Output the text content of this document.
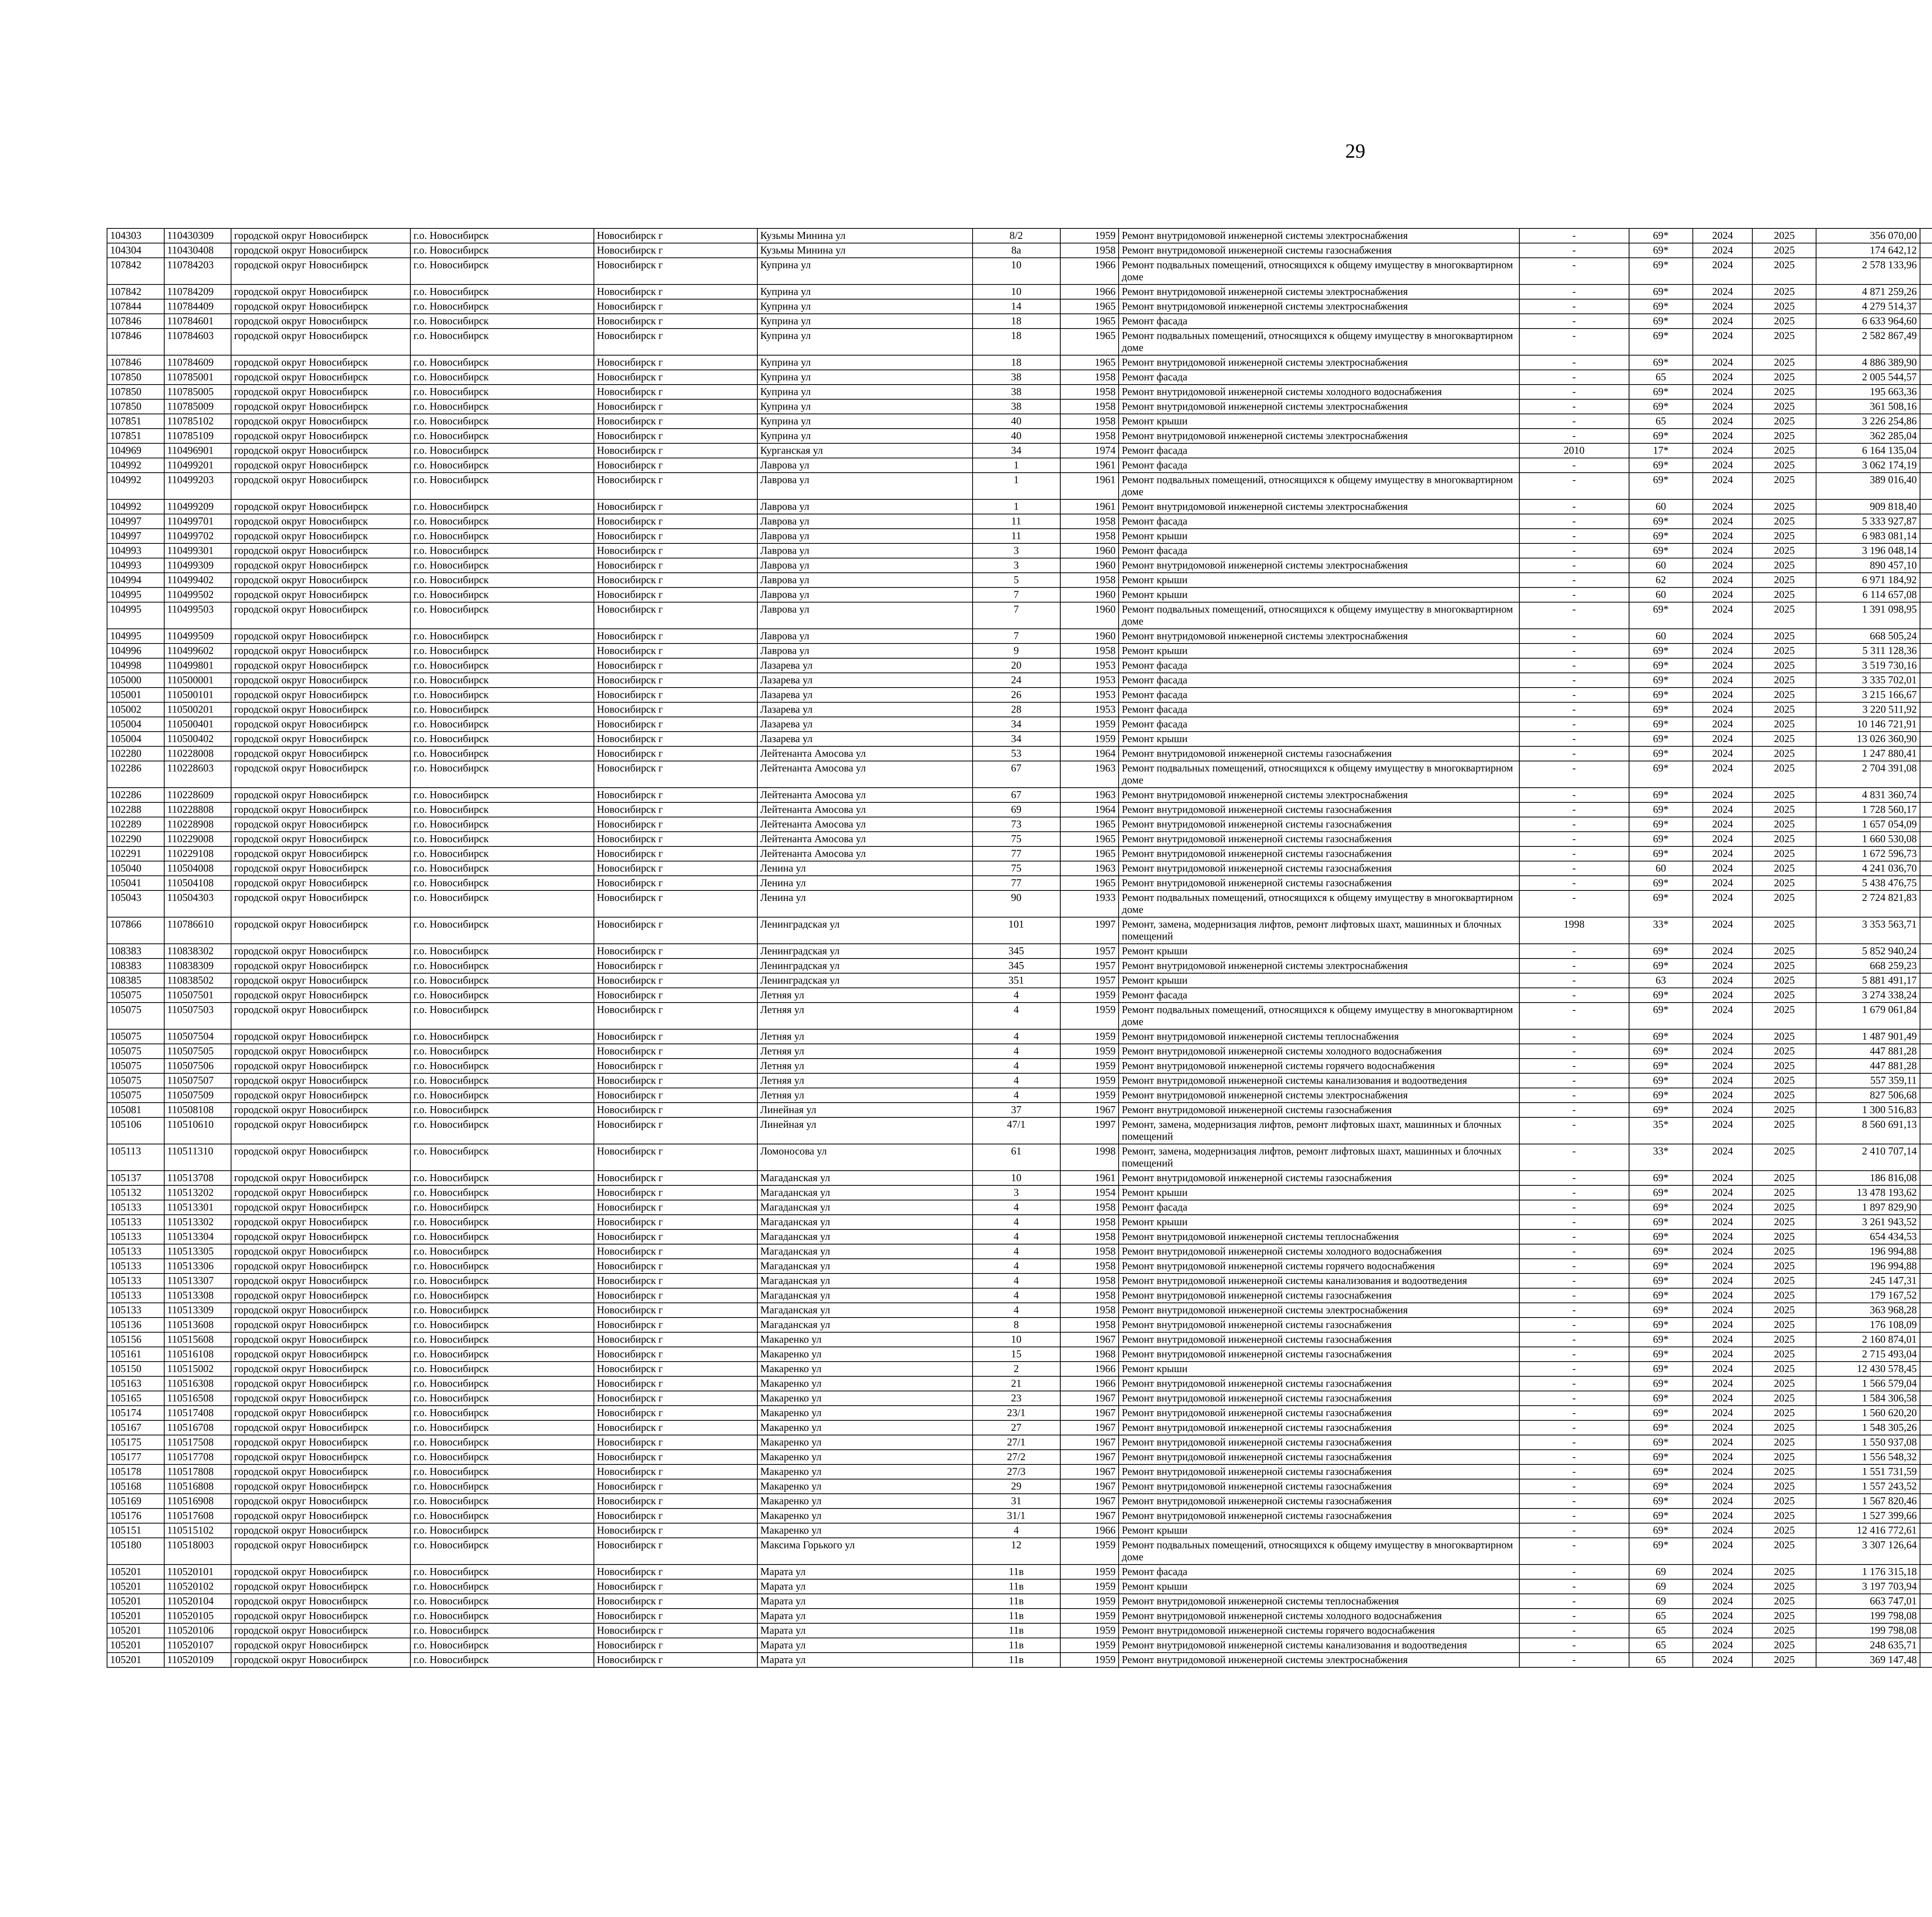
29
104303	110430309	городской округ Новосибирск	г.о. Новосибирск	Новосибирск г	Кузьмы Минина ул	8/2	1959	Ремонт внутридомовой инженерной системы электроснабжения	-	69*	2024	2025	356 070,00							
104304	110430408	городской округ Новосибирск	г.о. Новосибирск	Новосибирск г	Кузьмы Минина ул	8а	1958	Ремонт внутридомовой инженерной системы газоснабжения	-	69*	2024	2025	174 642,12							
107842	110784203	городской округ Новосибирск	г.о. Новосибирск	Новосибирск г	Куприна ул	10	1966	Ремонт подвальных помещений, относящихся к общему имуществу в многоквартирном доме	-	69*	2024	2025	2 578 133,96							
107842	110784209	городской округ Новосибирск	г.о. Новосибирск	Новосибирск г	Куприна ул	10	1966	Ремонт внутридомовой инженерной системы электроснабжения	-	69*	2024	2025	4 871 259,26							
107844	110784409	городской округ Новосибирск	г.о. Новосибирск	Новосибирск г	Куприна ул	14	1965	Ремонт внутридомовой инженерной системы электроснабжения	-	69*	2024	2025	4 279 514,37							
107846	110784601	городской округ Новосибирск	г.о. Новосибирск	Новосибирск г	Куприна ул	18	1965	Ремонт фасада	-	69*	2024	2025	6 633 964,60							
107846	110784603	городской округ Новосибирск	г.о. Новосибирск	Новосибирск г	Куприна ул	18	1965	Ремонт подвальных помещений, относящихся к общему имуществу в многоквартирном доме	-	69*	2024	2025	2 582 867,49							
107846	110784609	городской округ Новосибирск	г.о. Новосибирск	Новосибирск г	Куприна ул	18	1965	Ремонт внутридомовой инженерной системы электроснабжения	-	69*	2024	2025	4 886 389,90							
107850	110785001	городской округ Новосибирск	г.о. Новосибирск	Новосибирск г	Куприна ул	38	1958	Ремонт фасада	-	65	2024	2025	2 005 544,57							
107850	110785005	городской округ Новосибирск	г.о. Новосибирск	Новосибирск г	Куприна ул	38	1958	Ремонт внутридомовой инженерной системы холодного водоснабжения	-	69*	2024	2025	195 663,36							
107850	110785009	городской округ Новосибирск	г.о. Новосибирск	Новосибирск г	Куприна ул	38	1958	Ремонт внутридомовой инженерной системы электроснабжения	-	69*	2024	2025	361 508,16							
107851	110785102	городской округ Новосибирск	г.о. Новосибирск	Новосибирск г	Куприна ул	40	1958	Ремонт крыши	-	65	2024	2025	3 226 254,86							
107851	110785109	городской округ Новосибирск	г.о. Новосибирск	Новосибирск г	Куприна ул	40	1958	Ремонт внутридомовой инженерной системы электроснабжения	-	69*	2024	2025	362 285,04							
104969	110496901	городской округ Новосибирск	г.о. Новосибирск	Новосибирск г	Курганская ул	34	1974	Ремонт фасада	2010	17*	2024	2025	6 164 135,04							
104992	110499201	городской округ Новосибирск	г.о. Новосибирск	Новосибирск г	Лаврова ул	1	1961	Ремонт фасада	-	69*	2024	2025	3 062 174,19							
104992	110499203	городской округ Новосибирск	г.о. Новосибирск	Новосибирск г	Лаврова ул	1	1961	Ремонт подвальных помещений, относящихся к общему имуществу в многоквартирном доме	-	69*	2024	2025	389 016,40							
104992	110499209	городской округ Новосибирск	г.о. Новосибирск	Новосибирск г	Лаврова ул	1	1961	Ремонт внутридомовой инженерной системы электроснабжения	-	60	2024	2025	909 818,40							
104997	110499701	городской округ Новосибирск	г.о. Новосибирск	Новосибирск г	Лаврова ул	11	1958	Ремонт фасада	-	69*	2024	2025	5 333 927,87							
104997	110499702	городской округ Новосибирск	г.о. Новосибирск	Новосибирск г	Лаврова ул	11	1958	Ремонт крыши	-	69*	2024	2025	6 983 081,14							
104993	110499301	городской округ Новосибирск	г.о. Новосибирск	Новосибирск г	Лаврова ул	3	1960	Ремонт фасада	-	69*	2024	2025	3 196 048,14							
104993	110499309	городской округ Новосибирск	г.о. Новосибирск	Новосибирск г	Лаврова ул	3	1960	Ремонт внутридомовой инженерной системы электроснабжения	-	60	2024	2025	890 457,10							
104994	110499402	городской округ Новосибирск	г.о. Новосибирск	Новосибирск г	Лаврова ул	5	1958	Ремонт крыши	-	62	2024	2025	6 971 184,92							
104995	110499502	городской округ Новосибирск	г.о. Новосибирск	Новосибирск г	Лаврова ул	7	1960	Ремонт крыши	-	60	2024	2025	6 114 657,08							
104995	110499503	городской округ Новосибирск	г.о. Новосибирск	Новосибирск г	Лаврова ул	7	1960	Ремонт подвальных помещений, относящихся к общему имуществу в многоквартирном доме	-	69*	2024	2025	1 391 098,95							
104995	110499509	городской округ Новосибирск	г.о. Новосибирск	Новосибирск г	Лаврова ул	7	1960	Ремонт внутридомовой инженерной системы электроснабжения	-	60	2024	2025	668 505,24							
104996	110499602	городской округ Новосибирск	г.о. Новосибирск	Новосибирск г	Лаврова ул	9	1958	Ремонт крыши	-	69*	2024	2025	5 311 128,36							
104998	110499801	городской округ Новосибирск	г.о. Новосибирск	Новосибирск г	Лазарева ул	20	1953	Ремонт фасада	-	69*	2024	2025	3 519 730,16							
105000	110500001	городской округ Новосибирск	г.о. Новосибирск	Новосибирск г	Лазарева ул	24	1953	Ремонт фасада	-	69*	2024	2025	3 335 702,01							
105001	110500101	городской округ Новосибирск	г.о. Новосибирск	Новосибирск г	Лазарева ул	26	1953	Ремонт фасада	-	69*	2024	2025	3 215 166,67							
105002	110500201	городской округ Новосибирск	г.о. Новосибирск	Новосибирск г	Лазарева ул	28	1953	Ремонт фасада	-	69*	2024	2025	3 220 511,92							
105004	110500401	городской округ Новосибирск	г.о. Новосибирск	Новосибирск г	Лазарева ул	34	1959	Ремонт фасада	-	69*	2024	2025	10 146 721,91							
105004	110500402	городской округ Новосибирск	г.о. Новосибирск	Новосибирск г	Лазарева ул	34	1959	Ремонт крыши	-	69*	2024	2025	13 026 360,90							
102280	110228008	городской округ Новосибирск	г.о. Новосибирск	Новосибирск г	Лейтенанта Амосова ул	53	1964	Ремонт внутридомовой инженерной системы газоснабжения	-	69*	2024	2025	1 247 880,41							
102286	110228603	городской округ Новосибирск	г.о. Новосибирск	Новосибирск г	Лейтенанта Амосова ул	67	1963	Ремонт подвальных помещений, относящихся к общему имуществу в многоквартирном доме	-	69*	2024	2025	2 704 391,08							
102286	110228609	городской округ Новосибирск	г.о. Новосибирск	Новосибирск г	Лейтенанта Амосова ул	67	1963	Ремонт внутридомовой инженерной системы электроснабжения	-	69*	2024	2025	4 831 360,74							
102288	110228808	городской округ Новосибирск	г.о. Новосибирск	Новосибирск г	Лейтенанта Амосова ул	69	1964	Ремонт внутридомовой инженерной системы газоснабжения	-	69*	2024	2025	1 728 560,17							
102289	110228908	городской округ Новосибирск	г.о. Новосибирск	Новосибирск г	Лейтенанта Амосова ул	73	1965	Ремонт внутридомовой инженерной системы газоснабжения	-	69*	2024	2025	1 657 054,09							
102290	110229008	городской округ Новосибирск	г.о. Новосибирск	Новосибирск г	Лейтенанта Амосова ул	75	1965	Ремонт внутридомовой инженерной системы газоснабжения	-	69*	2024	2025	1 660 530,08							
102291	110229108	городской округ Новосибирск	г.о. Новосибирск	Новосибирск г	Лейтенанта Амосова ул	77	1965	Ремонт внутридомовой инженерной системы газоснабжения	-	69*	2024	2025	1 672 596,73							
105040	110504008	городской округ Новосибирск	г.о. Новосибирск	Новосибирск г	Ленина ул	75	1963	Ремонт внутридомовой инженерной системы газоснабжения	-	60	2024	2025	4 241 036,70							
105041	110504108	городской округ Новосибирск	г.о. Новосибирск	Новосибирск г	Ленина ул	77	1965	Ремонт внутридомовой инженерной системы газоснабжения	-	69*	2024	2025	5 438 476,75							
105043	110504303	городской округ Новосибирск	г.о. Новосибирск	Новосибирск г	Ленина ул	90	1933	Ремонт подвальных помещений, относящихся к общему имуществу в многоквартирном доме	-	69*	2024	2025	2 724 821,83							
107866	110786610	городской округ Новосибирск	г.о. Новосибирск	Новосибирск г	Ленинградская ул	101	1997	Ремонт, замена, модернизация лифтов, ремонт лифтовых шахт, машинных и блочных помещений	1998	33*	2024	2025	3 353 563,71							
108383	110838302	городской округ Новосибирск	г.о. Новосибирск	Новосибирск г	Ленинградская ул	345	1957	Ремонт крыши	-	69*	2024	2025	5 852 940,24							
108383	110838309	городской округ Новосибирск	г.о. Новосибирск	Новосибирск г	Ленинградская ул	345	1957	Ремонт внутридомовой инженерной системы электроснабжения	-	69*	2024	2025	668 259,23							
108385	110838502	городской округ Новосибирск	г.о. Новосибирск	Новосибирск г	Ленинградская ул	351	1957	Ремонт крыши	-	63	2024	2025	5 881 491,17							
105075	110507501	городской округ Новосибирск	г.о. Новосибирск	Новосибирск г	Летняя ул	4	1959	Ремонт фасада	-	69*	2024	2025	3 274 338,24							
105075	110507503	городской округ Новосибирск	г.о. Новосибирск	Новосибирск г	Летняя ул	4	1959	Ремонт подвальных помещений, относящихся к общему имуществу в многоквартирном доме	-	69*	2024	2025	1 679 061,84							
105075	110507504	городской округ Новосибирск	г.о. Новосибирск	Новосибирск г	Летняя ул	4	1959	Ремонт внутридомовой инженерной системы теплоснабжения	-	69*	2024	2025	1 487 901,49							
105075	110507505	городской округ Новосибирск	г.о. Новосибирск	Новосибирск г	Летняя ул	4	1959	Ремонт внутридомовой инженерной системы холодного водоснабжения	-	69*	2024	2025	447 881,28							
105075	110507506	городской округ Новосибирск	г.о. Новосибирск	Новосибирск г	Летняя ул	4	1959	Ремонт внутридомовой инженерной системы горячего водоснабжения	-	69*	2024	2025	447 881,28							
105075	110507507	городской округ Новосибирск	г.о. Новосибирск	Новосибирск г	Летняя ул	4	1959	Ремонт внутридомовой инженерной системы канализования и водоотведения	-	69*	2024	2025	557 359,11							
105075	110507509	городской округ Новосибирск	г.о. Новосибирск	Новосибирск г	Летняя ул	4	1959	Ремонт внутридомовой инженерной системы электроснабжения	-	69*	2024	2025	827 506,68							
105081	110508108	городской округ Новосибирск	г.о. Новосибирск	Новосибирск г	Линейная ул	37	1967	Ремонт внутридомовой инженерной системы газоснабжения	-	69*	2024	2025	1 300 516,83							
105106	110510610	городской округ Новосибирск	г.о. Новосибирск	Новосибирск г	Линейная ул	47/1	1997	Ремонт, замена, модернизация лифтов, ремонт лифтовых шахт, машинных и блочных помещений	-	35*	2024	2025	8 560 691,13							
105113	110511310	городской округ Новосибирск	г.о. Новосибирск	Новосибирск г	Ломоносова ул	61	1998	Ремонт, замена, модернизация лифтов, ремонт лифтовых шахт, машинных и блочных помещений	-	33*	2024	2025	2 410 707,14							
105137	110513708	городской округ Новосибирск	г.о. Новосибирск	Новосибирск г	Магаданская ул	10	1961	Ремонт внутридомовой инженерной системы газоснабжения	-	69*	2024	2025	186 816,08							
105132	110513202	городской округ Новосибирск	г.о. Новосибирск	Новосибирск г	Магаданская ул	3	1954	Ремонт крыши	-	69*	2024	2025	13 478 193,62							
105133	110513301	городской округ Новосибирск	г.о. Новосибирск	Новосибирск г	Магаданская ул	4	1958	Ремонт фасада	-	69*	2024	2025	1 897 829,90							
105133	110513302	городской округ Новосибирск	г.о. Новосибирск	Новосибирск г	Магаданская ул	4	1958	Ремонт крыши	-	69*	2024	2025	3 261 943,52							
105133	110513304	городской округ Новосибирск	г.о. Новосибирск	Новосибирск г	Магаданская ул	4	1958	Ремонт внутридомовой инженерной системы теплоснабжения	-	69*	2024	2025	654 434,53							
105133	110513305	городской округ Новосибирск	г.о. Новосибирск	Новосибирск г	Магаданская ул	4	1958	Ремонт внутридомовой инженерной системы холодного водоснабжения	-	69*	2024	2025	196 994,88							
105133	110513306	городской округ Новосибирск	г.о. Новосибирск	Новосибирск г	Магаданская ул	4	1958	Ремонт внутридомовой инженерной системы горячего водоснабжения	-	69*	2024	2025	196 994,88							
105133	110513307	городской округ Новосибирск	г.о. Новосибирск	Новосибирск г	Магаданская ул	4	1958	Ремонт внутридомовой инженерной системы канализования и водоотведения	-	69*	2024	2025	245 147,31							
105133	110513308	городской округ Новосибирск	г.о. Новосибирск	Новосибирск г	Магаданская ул	4	1958	Ремонт внутридомовой инженерной системы газоснабжения	-	69*	2024	2025	179 167,52							
105133	110513309	городской округ Новосибирск	г.о. Новосибирск	Новосибирск г	Магаданская ул	4	1958	Ремонт внутридомовой инженерной системы электроснабжения	-	69*	2024	2025	363 968,28							
105136	110513608	городской округ Новосибирск	г.о. Новосибирск	Новосибирск г	Магаданская ул	8	1958	Ремонт внутридомовой инженерной системы газоснабжения	-	69*	2024	2025	176 108,09							
105156	110515608	городской округ Новосибирск	г.о. Новосибирск	Новосибирск г	Макаренко ул	10	1967	Ремонт внутридомовой инженерной системы газоснабжения	-	69*	2024	2025	2 160 874,01							
105161	110516108	городской округ Новосибирск	г.о. Новосибирск	Новосибирск г	Макаренко ул	15	1968	Ремонт внутридомовой инженерной системы газоснабжения	-	69*	2024	2025	2 715 493,04							
105150	110515002	городской округ Новосибирск	г.о. Новосибирск	Новосибирск г	Макаренко ул	2	1966	Ремонт крыши	-	69*	2024	2025	12 430 578,45							
105163	110516308	городской округ Новосибирск	г.о. Новосибирск	Новосибирск г	Макаренко ул	21	1966	Ремонт внутридомовой инженерной системы газоснабжения	-	69*	2024	2025	1 566 579,04							
105165	110516508	городской округ Новосибирск	г.о. Новосибирск	Новосибирск г	Макаренко ул	23	1967	Ремонт внутридомовой инженерной системы газоснабжения	-	69*	2024	2025	1 584 306,58							
105174	110517408	городской округ Новосибирск	г.о. Новосибирск	Новосибирск г	Макаренко ул	23/1	1967	Ремонт внутридомовой инженерной системы газоснабжения	-	69*	2024	2025	1 560 620,20							
105167	110516708	городской округ Новосибирск	г.о. Новосибирск	Новосибирск г	Макаренко ул	27	1967	Ремонт внутридомовой инженерной системы газоснабжения	-	69*	2024	2025	1 548 305,26							
105175	110517508	городской округ Новосибирск	г.о. Новосибирск	Новосибирск г	Макаренко ул	27/1	1967	Ремонт внутридомовой инженерной системы газоснабжения	-	69*	2024	2025	1 550 937,08							
105177	110517708	городской округ Новосибирск	г.о. Новосибирск	Новосибирск г	Макаренко ул	27/2	1967	Ремонт внутридомовой инженерной системы газоснабжения	-	69*	2024	2025	1 556 548,32							
105178	110517808	городской округ Новосибирск	г.о. Новосибирск	Новосибирск г	Макаренко ул	27/3	1967	Ремонт внутридомовой инженерной системы газоснабжения	-	69*	2024	2025	1 551 731,59							
105168	110516808	городской округ Новосибирск	г.о. Новосибирск	Новосибирск г	Макаренко ул	29	1967	Ремонт внутридомовой инженерной системы газоснабжения	-	69*	2024	2025	1 557 243,52							
105169	110516908	городской округ Новосибирск	г.о. Новосибирск	Новосибирск г	Макаренко ул	31	1967	Ремонт внутридомовой инженерной системы газоснабжения	-	69*	2024	2025	1 567 820,46							
105176	110517608	городской округ Новосибирск	г.о. Новосибирск	Новосибирск г	Макаренко ул	31/1	1967	Ремонт внутридомовой инженерной системы газоснабжения	-	69*	2024	2025	1 527 399,66							
105151	110515102	городской округ Новосибирск	г.о. Новосибирск	Новосибирск г	Макаренко ул	4	1966	Ремонт крыши	-	69*	2024	2025	12 416 772,61							
105180	110518003	городской округ Новосибирск	г.о. Новосибирск	Новосибирск г	Максима Горького ул	12	1959	Ремонт подвальных помещений, относящихся к общему имуществу в многоквартирном доме	-	69*	2024	2025	3 307 126,64							
105201	110520101	городской округ Новосибирск	г.о. Новосибирск	Новосибирск г	Марата ул	11в	1959	Ремонт фасада	-	69	2024	2025	1 176 315,18							
105201	110520102	городской округ Новосибирск	г.о. Новосибирск	Новосибирск г	Марата ул	11в	1959	Ремонт крыши	-	69	2024	2025	3 197 703,94							
105201	110520104	городской округ Новосибирск	г.о. Новосибирск	Новосибирск г	Марата ул	11в	1959	Ремонт внутридомовой инженерной системы теплоснабжения	-	69	2024	2025	663 747,01							
105201	110520105	городской округ Новосибирск	г.о. Новосибирск	Новосибирск г	Марата ул	11в	1959	Ремонт внутридомовой инженерной системы холодного водоснабжения	-	65	2024	2025	199 798,08							
105201	110520106	городской округ Новосибирск	г.о. Новосибирск	Новосибирск г	Марата ул	11в	1959	Ремонт внутридомовой инженерной системы горячего водоснабжения	-	65	2024	2025	199 798,08							
105201	110520107	городской округ Новосибирск	г.о. Новосибирск	Новосибирск г	Марата ул	11в	1959	Ремонт внутридомовой инженерной системы канализования и водоотведения	-	65	2024	2025	248 635,71							
105201	110520109	городской округ Новосибирск	г.о. Новосибирск	Новосибирск г	Марата ул	11в	1959	Ремонт внутридомовой инженерной системы электроснабжения	-	65	2024	2025	369 147,48							
